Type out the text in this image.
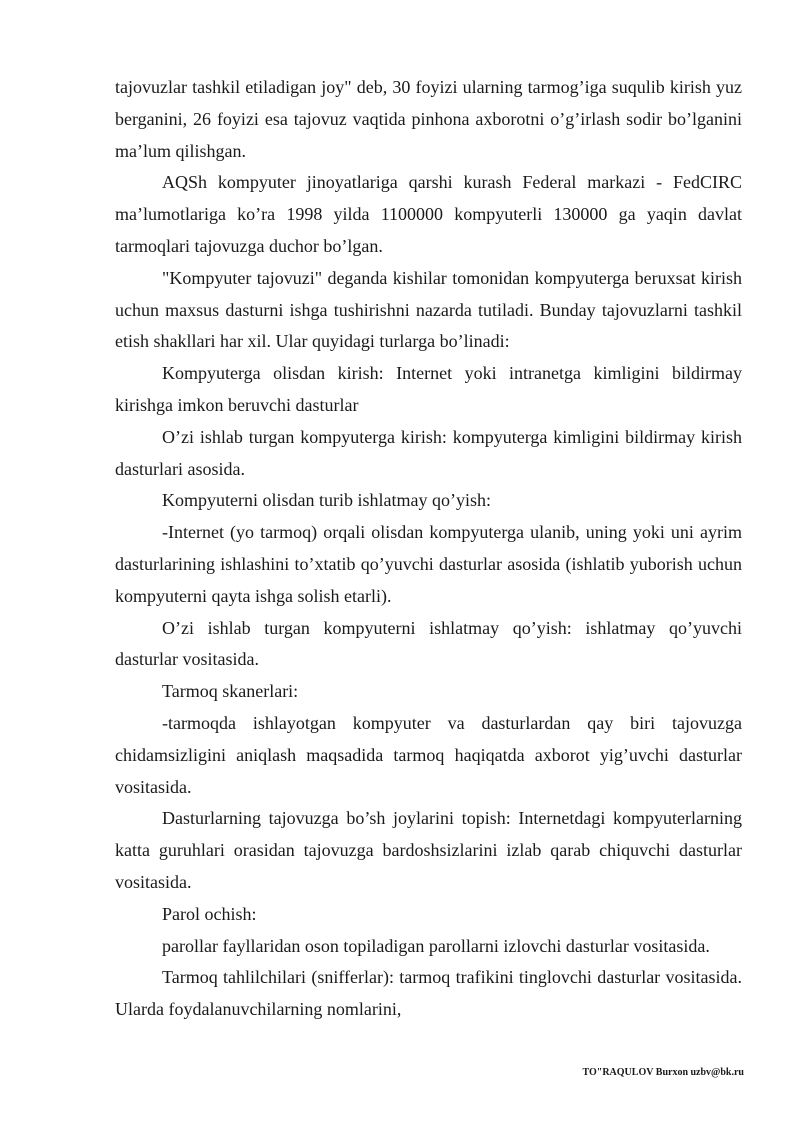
tajovuzlar tashkil etiladigan joy" deb, 30 foyizi ularning tarmog’iga suqulib kirish yuz berganini, 26 foyizi esa tajovuz vaqtida pinhona axborotni o’g’irlash sodir bo’lganini ma’lum qilishgan.

AQSh kompyuter jinoyatlariga qarshi kurash Federal markazi - FedCIRC ma’lumotlariga ko’ra 1998 yilda 1100000 kompyuterli 130000 ga yaqin davlat tarmoqlari tajovuzga duchor bo’lgan.

"Kompyuter tajovuzi" deganda kishilar tomonidan kompyuterga beruxsat kirish uchun maxsus dasturni ishga tushirishni nazarda tutiladi. Bunday tajovuzlarni tashkil etish shakllari har xil. Ular quyidagi turlarga bo’linadi:

Kompyuterga olisdan kirish: Internet yoki intranetga kimligini bildirmay kirishga imkon beruvchi dasturlar

O’zi ishlab turgan kompyuterga kirish: kompyuterga kimligini bildirmay kirish dasturlari asosida.

Kompyuterni olisdan turib ishlatmay qo’yish:

-Internet (yo tarmoq) orqali olisdan kompyuterga ulanib, uning yoki uni ayrim dasturlarining ishlashini to’xtatib qo’yuvchi dasturlar asosida (ishlatib yuborish uchun kompyuterni qayta ishga solish etarli).

O’zi ishlab turgan kompyuterni ishlatmay qo’yish: ishlatmay qo’yuvchi dasturlar vositasida.

Tarmoq skanerlari:

-tarmoqda ishlayotgan kompyuter va dasturlardan qay biri tajovuzga chidamsizligini aniqlash maqsadida tarmoq haqiqatda axborot yig’uvchi dasturlar vositasida.

Dasturlarning tajovuzga bo’sh joylarini topish: Internetdagi kompyuterlarning katta guruhlari orasidan tajovuzga bardoshsizlarini izlab qarab chiquvchi dasturlar vositasida.

Parol ochish:

parollar fayllaridan oson topiladigan parollarni izlovchi dasturlar vositasida.

Tarmoq tahlilchilari (snifferlar): tarmoq trafikini tinglovchi dasturlar vositasida. Ularda foydalanuvchilarning nomlarini,

TO"RAQULOV Burxon uzbv@bk.ru
